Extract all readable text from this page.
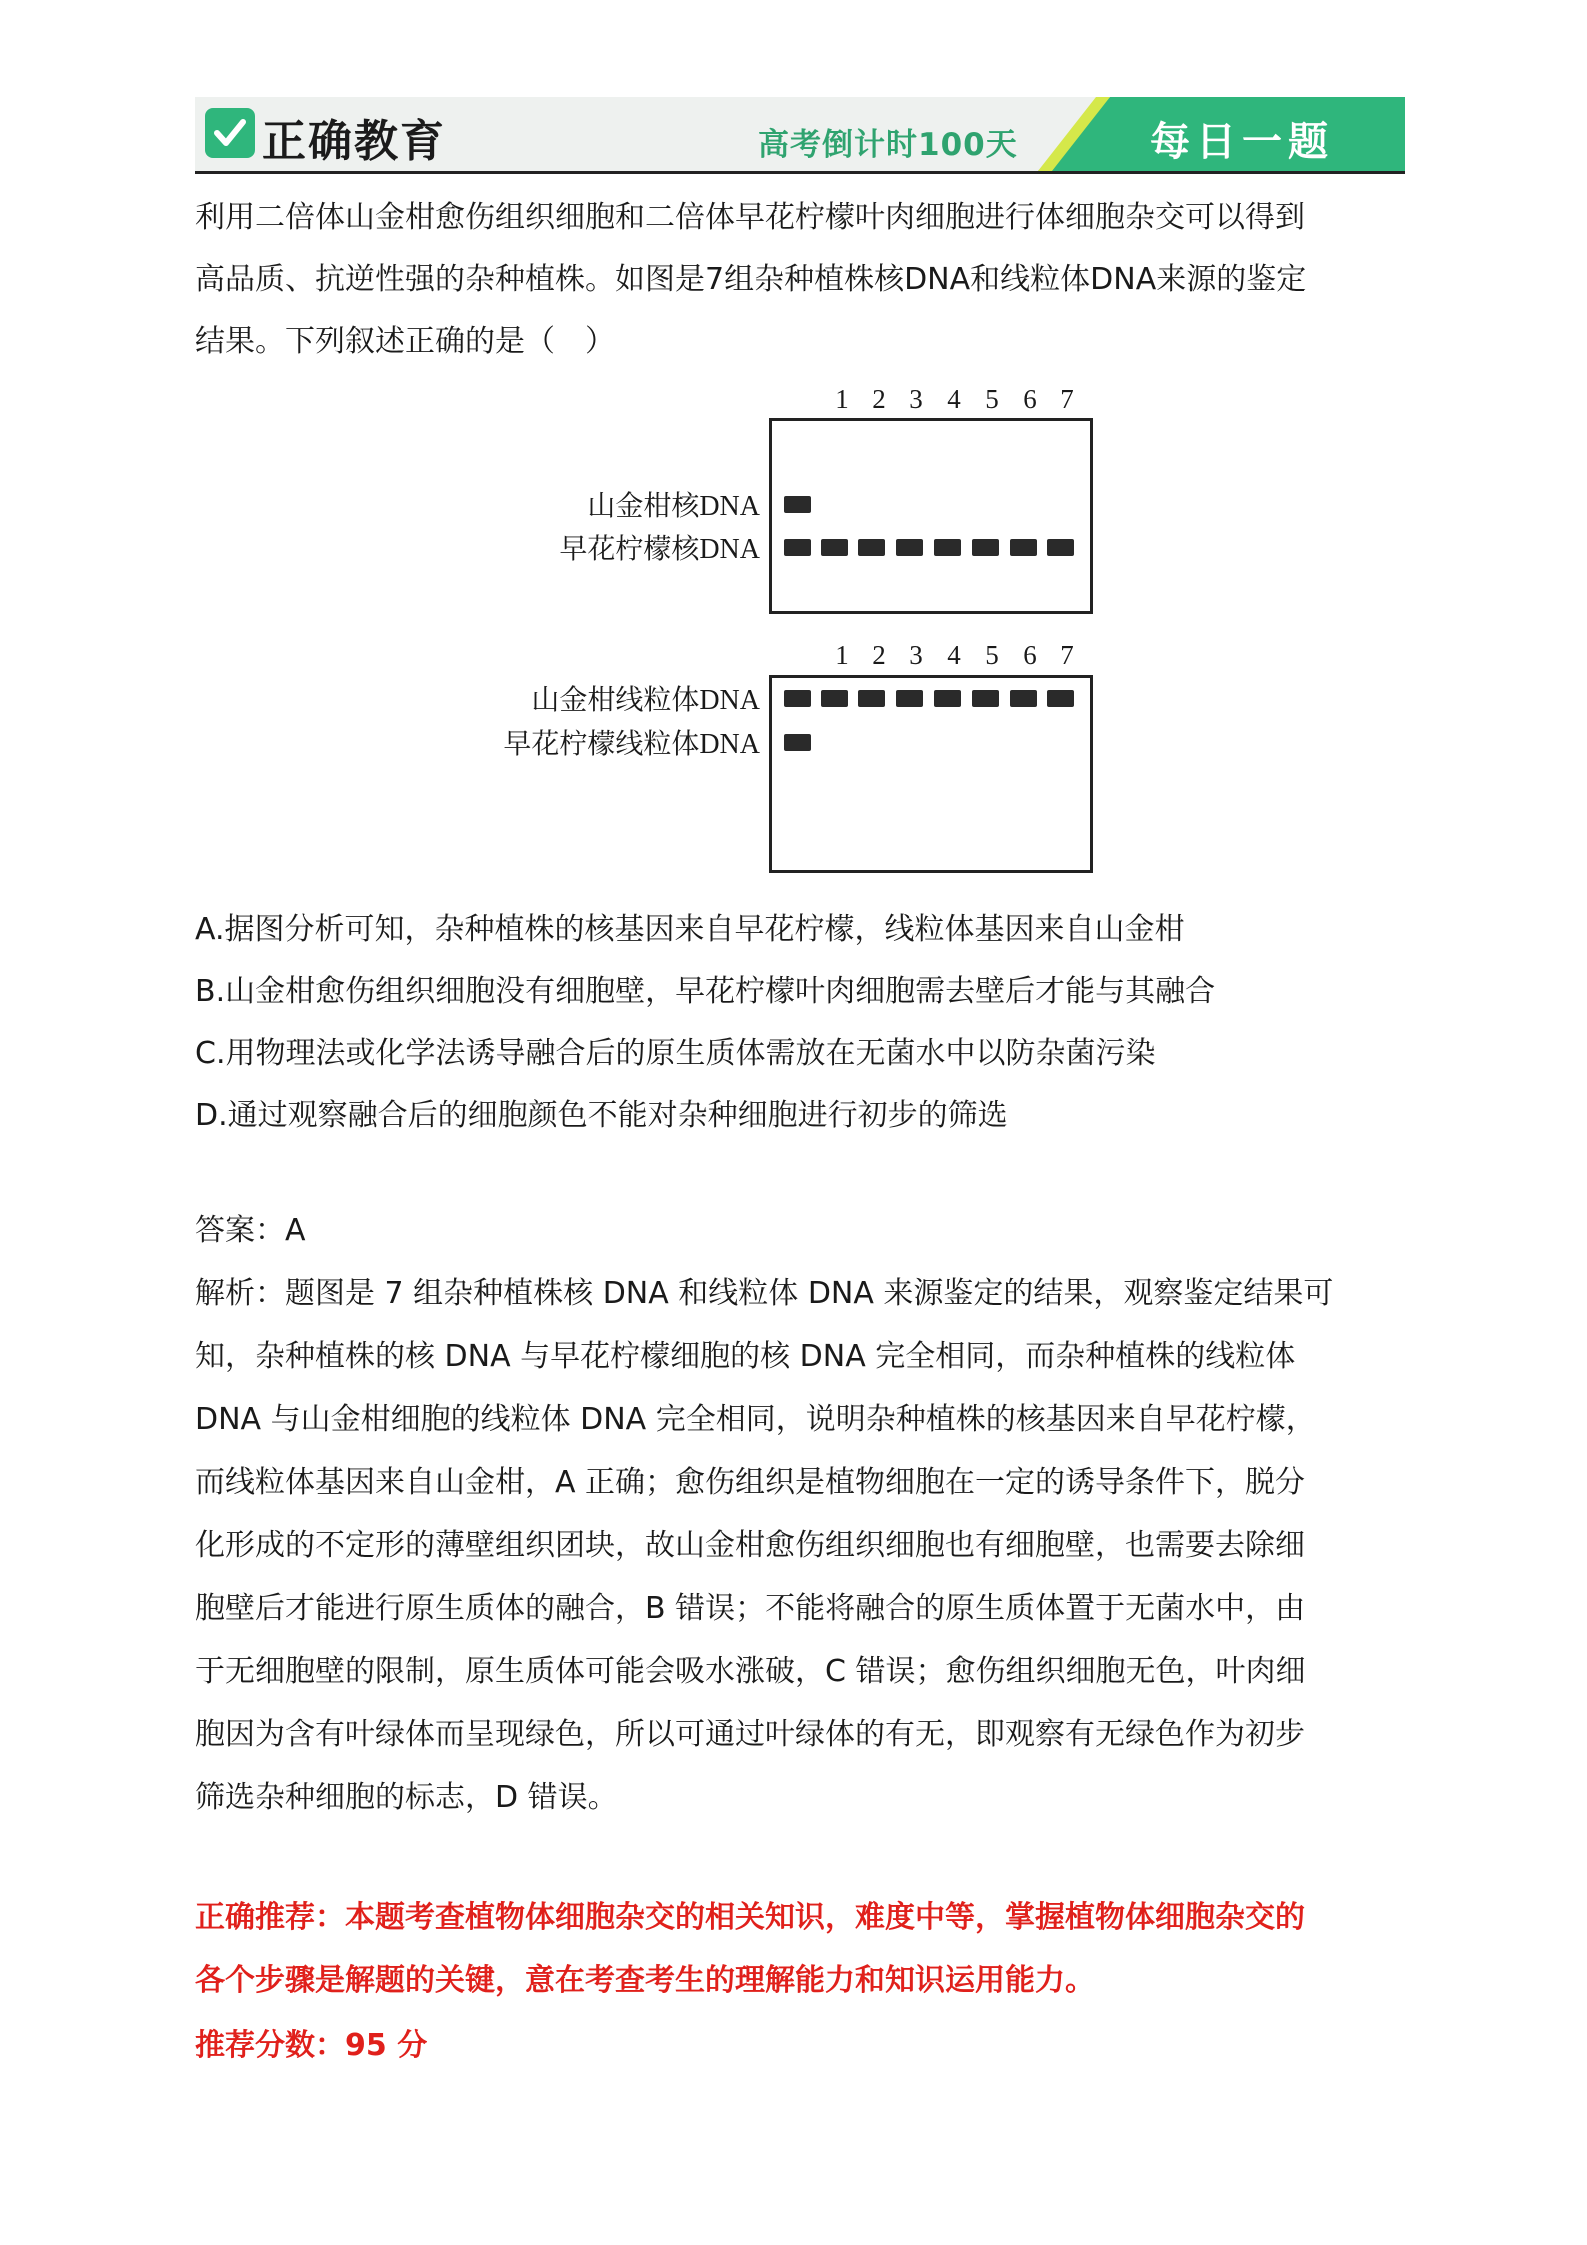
正确教育	高考倒计时100天	每日一题
利用二倍体山金柑愈伤组织细胞和二倍体早花柠檬叶肉细胞进行体细胞杂交可以得到
高品质、抗逆性强的杂种植株。如图是7组杂种植株核DNA和线粒体DNA来源的鉴定
结果。下列叙述正确的是（　）
1 2 3 4 5 6 7
山金柑核DNA
早花柠檬核DNA
1 2 3 4 5 6 7
山金柑线粒体DNA
早花柠檬线粒体DNA
A.据图分析可知，杂种植株的核基因来自早花柠檬，线粒体基因来自山金柑
B.山金柑愈伤组织细胞没有细胞壁，早花柠檬叶肉细胞需去壁后才能与其融合
C.用物理法或化学法诱导融合后的原生质体需放在无菌水中以防杂菌污染
D.通过观察融合后的细胞颜色不能对杂种细胞进行初步的筛选
答案：A
解析：题图是 7 组杂种植株核 DNA 和线粒体 DNA 来源鉴定的结果，观察鉴定结果可
知，杂种植株的核 DNA 与早花柠檬细胞的核 DNA 完全相同，而杂种植株的线粒体
DNA 与山金柑细胞的线粒体 DNA 完全相同，说明杂种植株的核基因来自早花柠檬，
而线粒体基因来自山金柑，A 正确；愈伤组织是植物细胞在一定的诱导条件下，脱分
化形成的不定形的薄壁组织团块，故山金柑愈伤组织细胞也有细胞壁，也需要去除细
胞壁后才能进行原生质体的融合，B 错误；不能将融合的原生质体置于无菌水中，由
于无细胞壁的限制，原生质体可能会吸水涨破，C 错误；愈伤组织细胞无色，叶肉细
胞因为含有叶绿体而呈现绿色，所以可通过叶绿体的有无，即观察有无绿色作为初步
筛选杂种细胞的标志，D 错误。
正确推荐：本题考查植物体细胞杂交的相关知识，难度中等，掌握植物体细胞杂交的
各个步骤是解题的关键，意在考查考生的理解能力和知识运用能力。
推荐分数：95 分
